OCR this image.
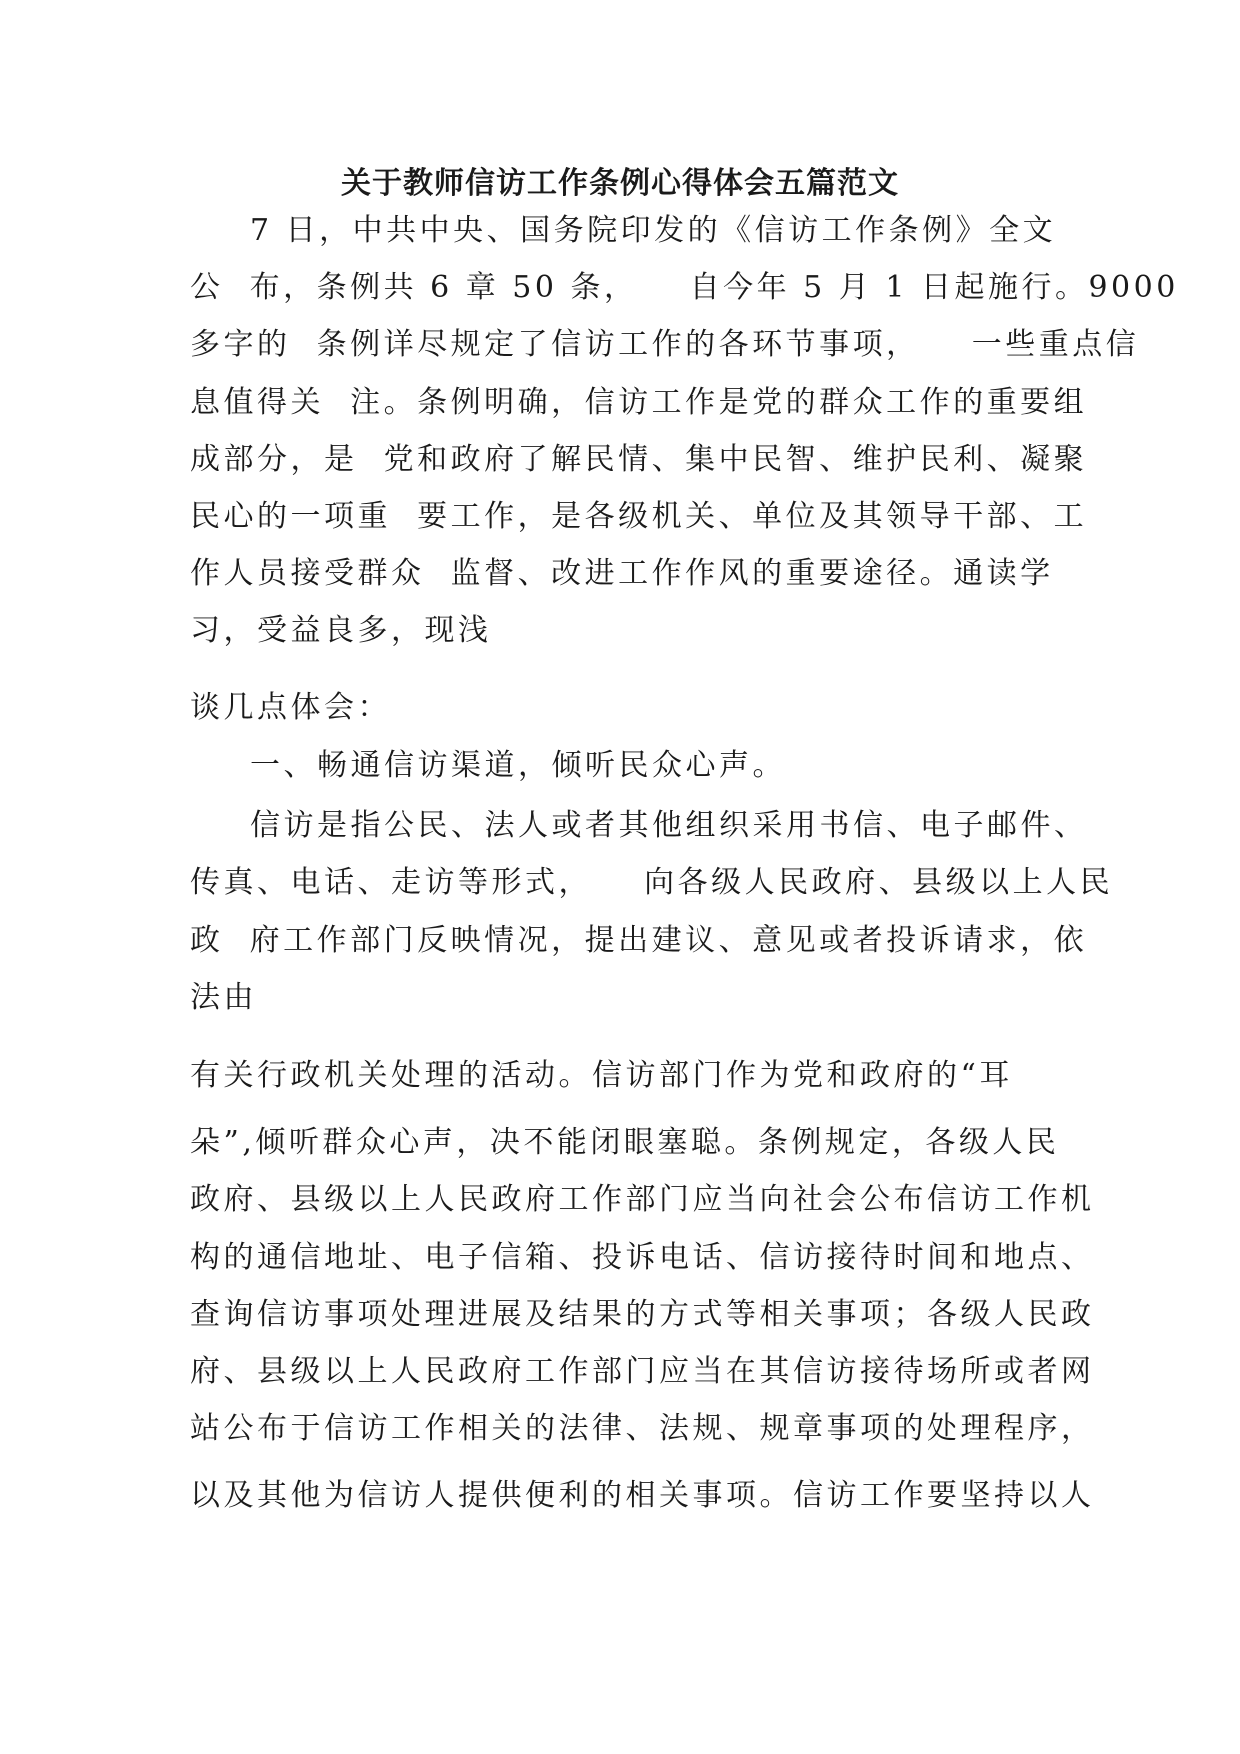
关于教师信访工作条例心得体会五篇范文
7 日，中共中央、国务院印发的《信访工作条例》全文
公  布，条例共 6 章 50 条，    自今年 5 月 1 日起施行。9000
多字的  条例详尽规定了信访工作的各环节事项，    一些重点信
息值得关  注。条例明确，信访工作是党的群众工作的重要组
成部分，是  党和政府了解民情、集中民智、维护民利、凝聚
民心的一项重  要工作，是各级机关、单位及其领导干部、工
作人员接受群众  监督、改进工作作风的重要途径。通读学
习，受益良多，现浅
谈几点体会：
一、畅通信访渠道，倾听民众心声。
信访是指公民、法人或者其他组织采用书信、电子邮件、
传真、电话、走访等形式，    向各级人民政府、县级以上人民
政  府工作部门反映情况，提出建议、意见或者投诉请求，依
法由
有关行政机关处理的活动。信访部门作为党和政府的“耳
朵”,倾听群众心声，决不能闭眼塞聪。条例规定，各级人民
政府、县级以上人民政府工作部门应当向社会公布信访工作机
构的通信地址、电子信箱、投诉电话、信访接待时间和地点、
查询信访事项处理进展及结果的方式等相关事项；各级人民政
府、县级以上人民政府工作部门应当在其信访接待场所或者网
站公布于信访工作相关的法律、法规、规章事项的处理程序，
以及其他为信访人提供便利的相关事项。信访工作要坚持以人
